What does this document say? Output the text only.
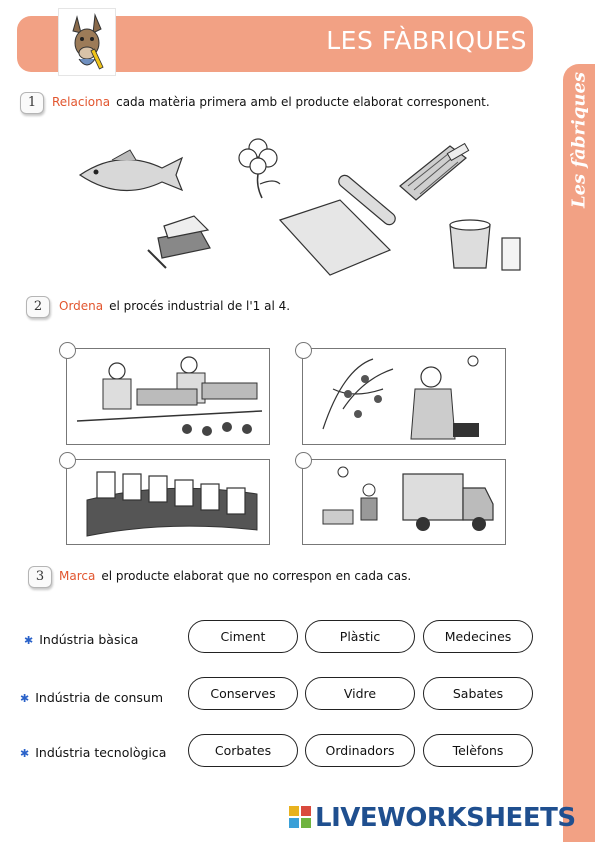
LES FÀBRIQUES
Les fàbriques
1	Relaciona cada matèria primera amb el producte elaborat corresponent.
2	Ordena el procés industrial de l'1 al 4.
3	Marca el producte elaborat que no correspon en cada cas.
✱ Indústria bàsica	Ciment	Plàstic	Medecines
✱ Indústria de consum	Conserves	Vidre	Sabates
✱ Indústria tecnològica	Corbates	Ordinadors	Telèfons
LIVEWORKSHEETS
